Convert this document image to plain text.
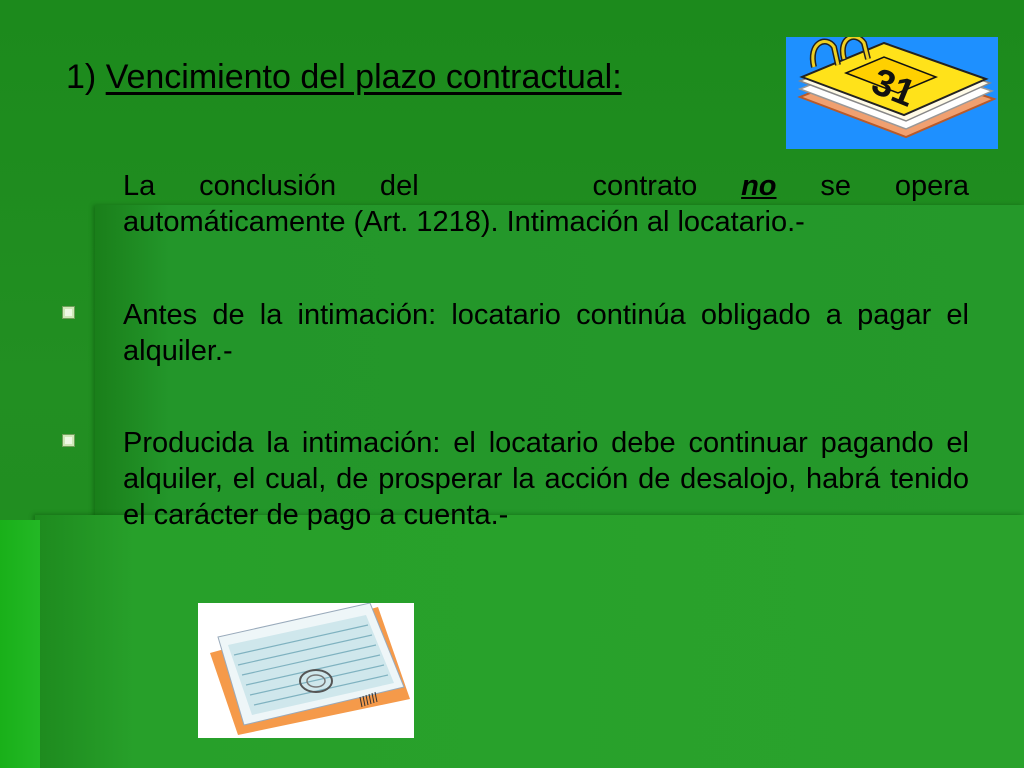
1) Vencimiento del plazo contractual:	31
La conclusión del	contrato no se opera automáticamente (Art. 1218). Intimación al locatario.-
Antes de la intimación: locatario continúa obligado a pagar el alquiler.-
Producida la intimación: el locatario debe continuar pagando el alquiler, el cual, de prosperar la acción de desalojo, habrá tenido el carácter de pago a cuenta.-
